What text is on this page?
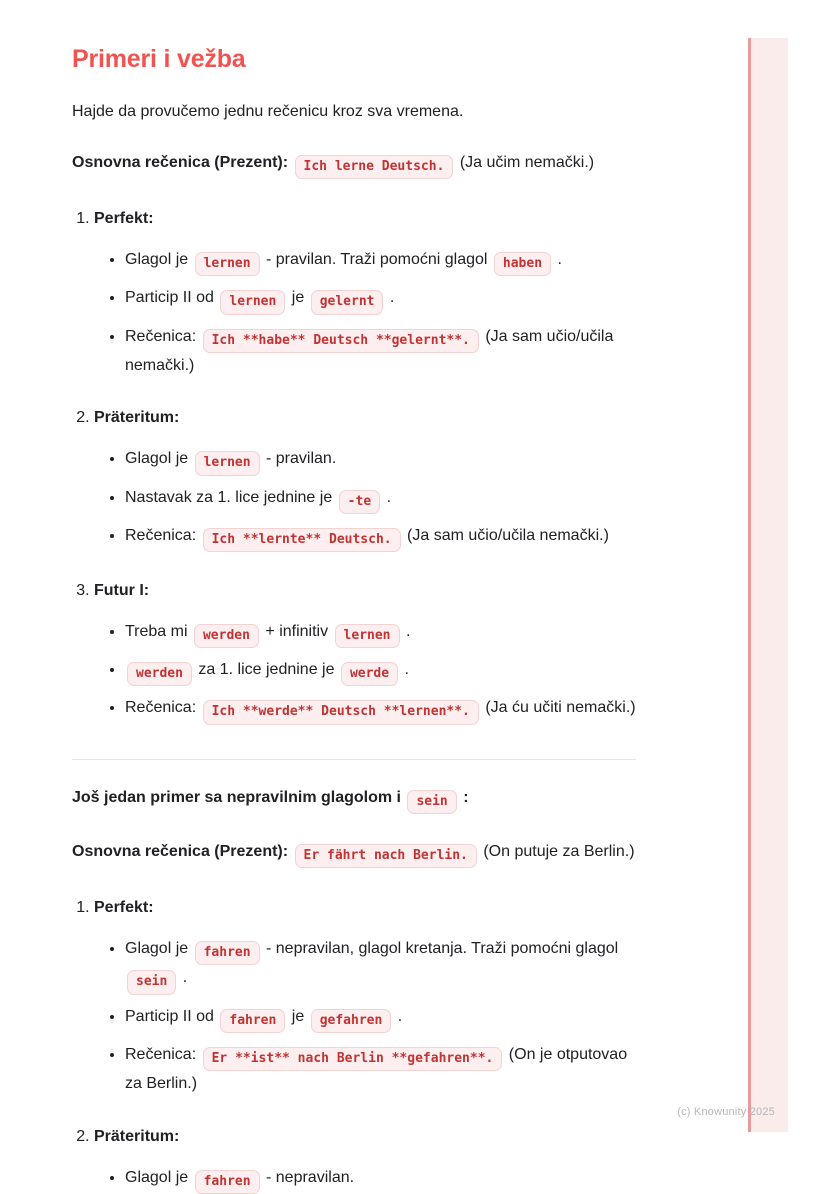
Primeri i vežba

Hajde da provučemo jednu rečenicu kroz sva vremena.

Osnovna rečenica (Prezent): Ich lerne Deutsch. (Ja učim nemački.)

1. Perfekt:
• Glagol je lernen - pravilan. Traži pomoćni glagol haben .
• Particip II od lernen je gelernt .
• Rečenica: Ich **habe** Deutsch **gelernt**. (Ja sam učio/učila nemački.)
2. Präteritum:
• Glagol je lernen - pravilan.
• Nastavak za 1. lice jednine je -te .
• Rečenica: Ich **lernte** Deutsch. (Ja sam učio/učila nemački.)
3. Futur I:
• Treba mi werden + infinitiv lernen .
• werden za 1. lice jednine je werde .
• Rečenica: Ich **werde** Deutsch **lernen**. (Ja ću učiti nemački.)

Još jedan primer sa nepravilnim glagolom i sein :

Osnovna rečenica (Prezent): Er fährt nach Berlin. (On putuje za Berlin.)

1. Perfekt:
• Glagol je fahren - nepravilan, glagol kretanja. Traži pomoćni glagol sein .
• Particip II od fahren je gefahren .
• Rečenica: Er **ist** nach Berlin **gefahren**. (On je otputovao za Berlin.)
2. Präteritum:
• Glagol je fahren - nepravilan.
(c) Knowunity 2025
